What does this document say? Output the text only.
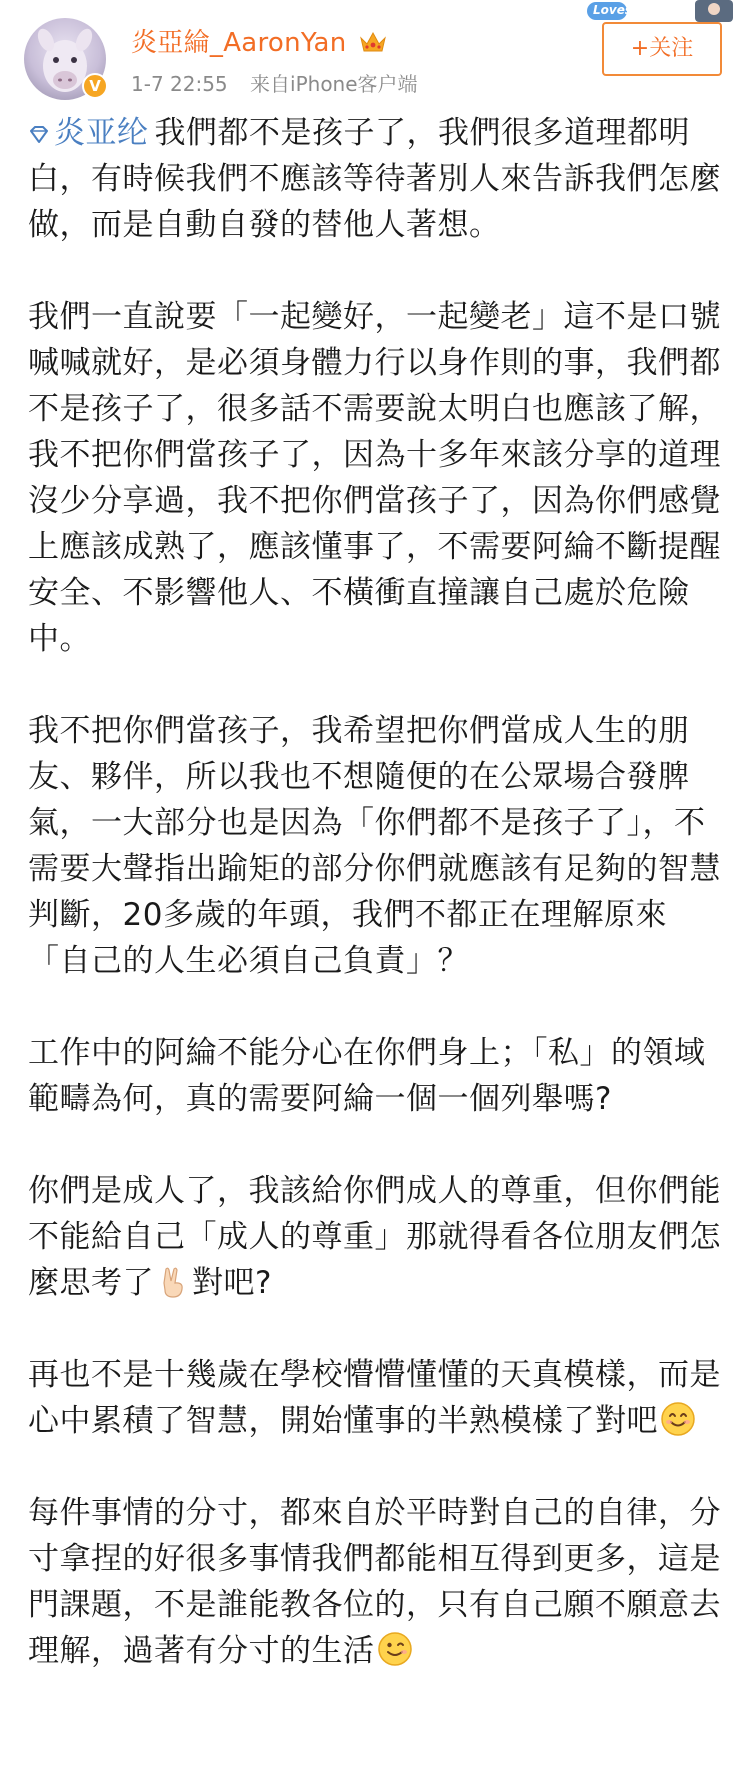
V
炎亞綸_AaronYan
1-7 22:55 来自iPhone客户端
Loves
+关注

炎亚纶 我們都不是孩子了，我們很多道理都明白，有時候我們不應該等待著別人來告訴我們怎麼做，而是自動自發的替他人著想。

我們一直說要「一起變好，一起變老」這不是口號喊喊就好，是必須身體力行以身作則的事，我們都不是孩子了，很多話不需要說太明白也應該了解，我不把你們當孩子了，因為十多年來該分享的道理沒少分享過，我不把你們當孩子了，因為你們感覺上應該成熟了，應該懂事了，不需要阿綸不斷提醒安全、不影響他人、不橫衝直撞讓自己處於危險中。

我不把你們當孩子，我希望把你們當成人生的朋友、夥伴，所以我也不想隨便的在公眾場合發脾氣，一大部分也是因為「你們都不是孩子了」，不需要大聲指出踰矩的部分你們就應該有足夠的智慧判斷，20多歲的年頭，我們不都正在理解原來「自己的人生必須自己負責」？

工作中的阿綸不能分心在你們身上；「私」的領域範疇為何，真的需要阿綸一個一個列舉嗎?

你們是成人了，我該給你們成人的尊重，但你們能不能給自己「成人的尊重」那就得看各位朋友們怎麼思考了 對吧?

再也不是十幾歲在學校懵懵懂懂的天真模樣，而是心中累積了智慧，開始懂事的半熟模樣了對吧

每件事情的分寸，都來自於平時對自己的自律，分寸拿捏的好很多事情我們都能相互得到更多，這是門課題，不是誰能教各位的，只有自己願不願意去理解，過著有分寸的生活
